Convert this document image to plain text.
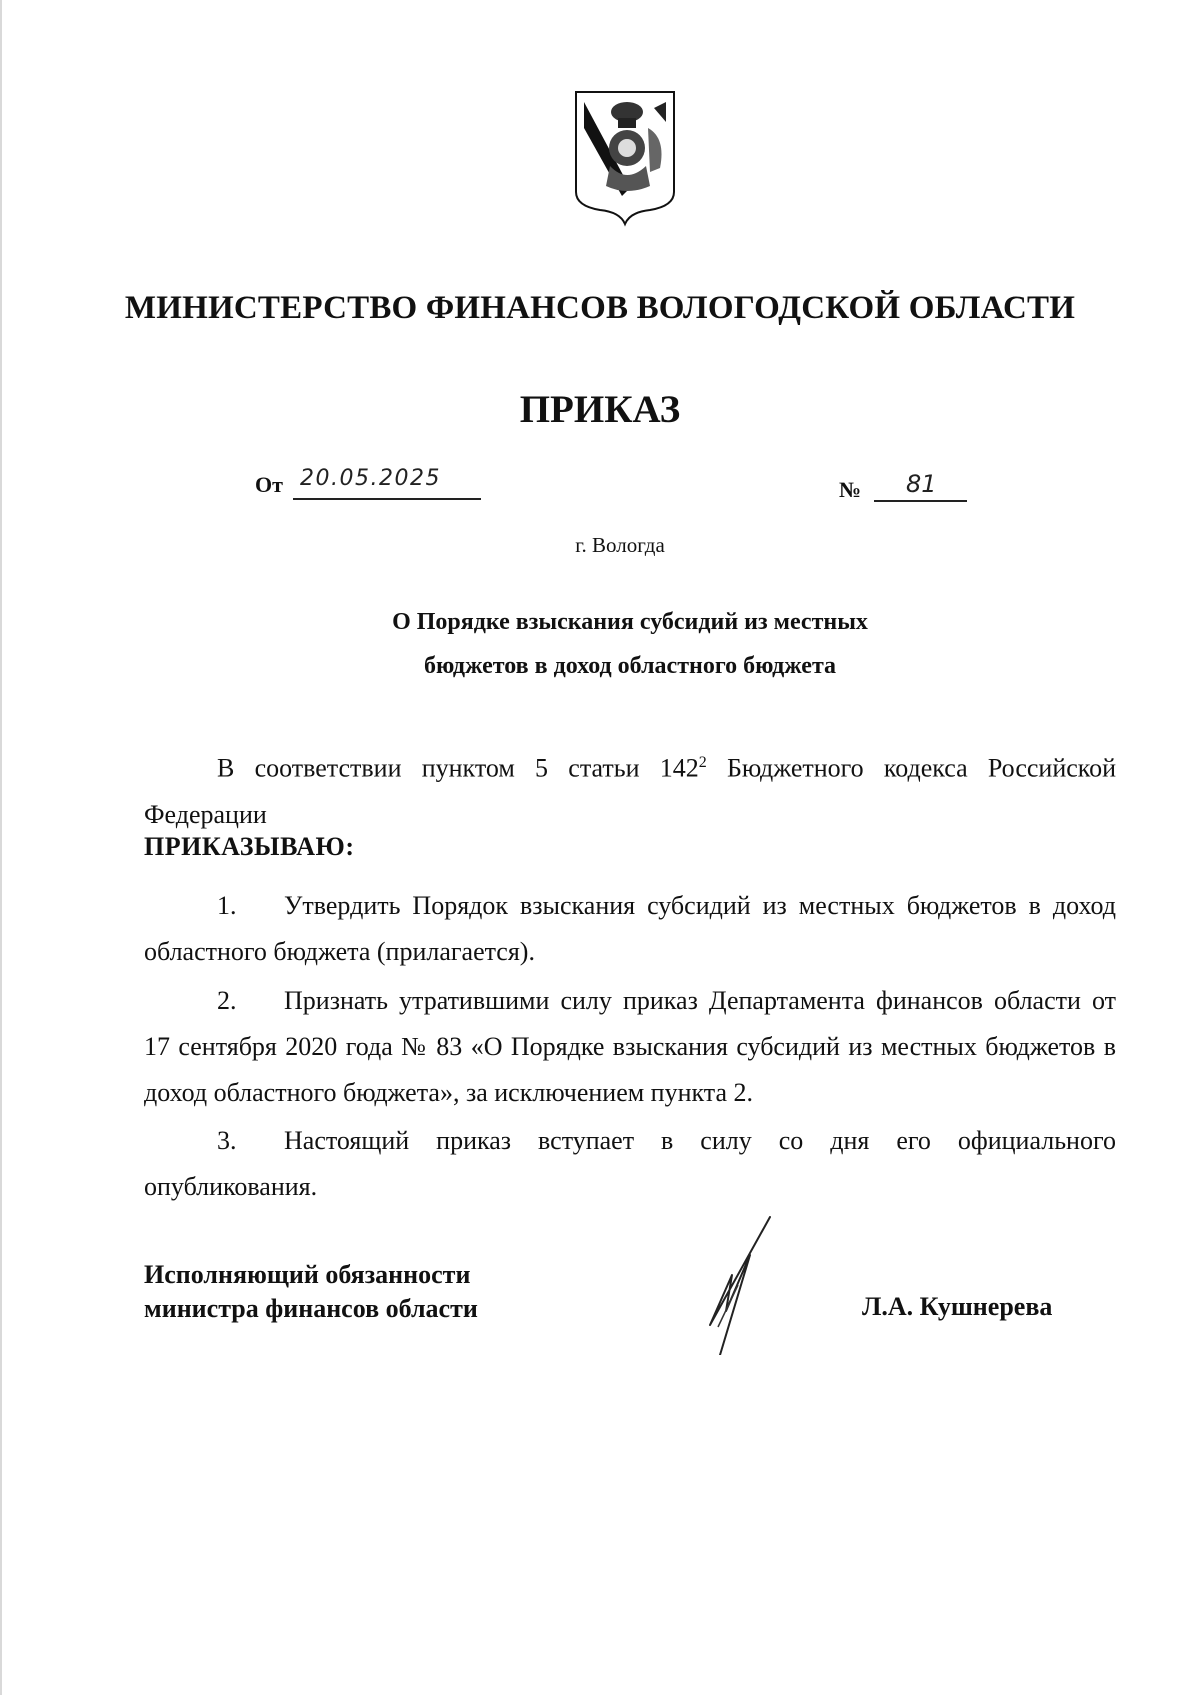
МИНИСТЕРСТВО ФИНАНСОВ ВОЛОГОДСКОЙ ОБЛАСТИ
ПРИКАЗ
От 20.05.2025	№ 81
г. Вологда
О Порядке взыскания субсидий из местных
бюджетов в доход областного бюджета
В соответствии пунктом 5 статьи $142^2$ Бюджетного кодекса Российской Федерации
ПРИКАЗЫВАЮ:
1. Утвердить Порядок взыскания субсидий из местных бюджетов в доход областного бюджета (прилагается).
2. Признать утратившими силу приказ Департамента финансов области от 17 сентября 2020 года № 83 «О Порядке взыскания субсидий из местных бюджетов в доход областного бюджета», за исключением пункта 2.
3. Настоящий приказ вступает в силу со дня его официального опубликования.
Исполняющий обязанности
министра финансов области	Л.А. Кушнерева
